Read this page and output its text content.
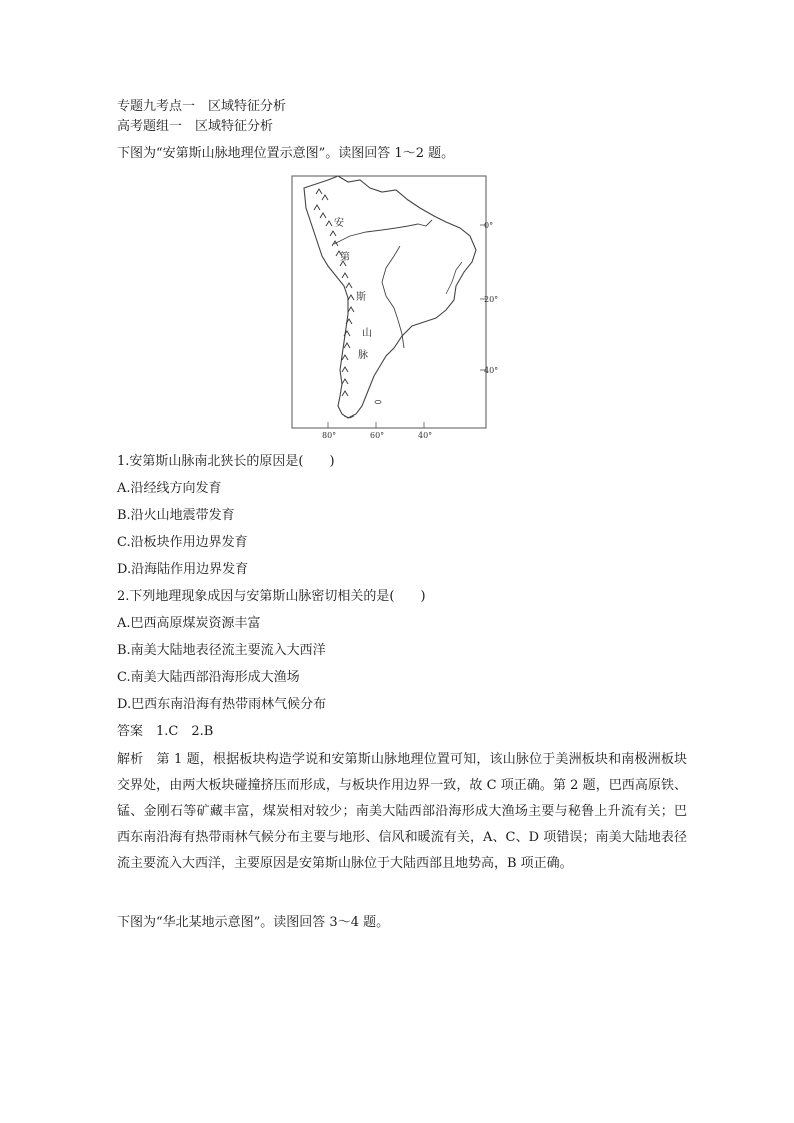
专题九考点一　区域特征分析
高考题组一　区域特征分析
下图为“安第斯山脉地理位置示意图”。读图回答 1～2 题。
安
第
斯
山
脉
0°
20°
40°
80°	60°	40°
1.安第斯山脉南北狭长的原因是(　　)
A.沿经线方向发育
B.沿火山地震带发育
C.沿板块作用边界发育
D.沿海陆作用边界发育
2.下列地理现象成因与安第斯山脉密切相关的是(　　)
A.巴西高原煤炭资源丰富
B.南美大陆地表径流主要流入大西洋
C.南美大陆西部沿海形成大渔场
D.巴西东南沿海有热带雨林气候分布
答案　1.C　2.B

解析　第 1 题，根据板块构造学说和安第斯山脉地理位置可知，该山脉位于美洲板块和南极洲板块交界处，由两大板块碰撞挤压而形成，与板块作用边界一致，故 C 项正确。第 2 题，巴西高原铁、锰、金刚石等矿藏丰富，煤炭相对较少；南美大陆西部沿海形成大渔场主要与秘鲁上升流有关；巴西东南沿海有热带雨林气候分布主要与地形、信风和暖流有关，A、C、D 项错误；南美大陆地表径流主要流入大西洋，主要原因是安第斯山脉位于大陆西部且地势高，B 项正确。

下图为“华北某地示意图”。读图回答 3～4 题。
